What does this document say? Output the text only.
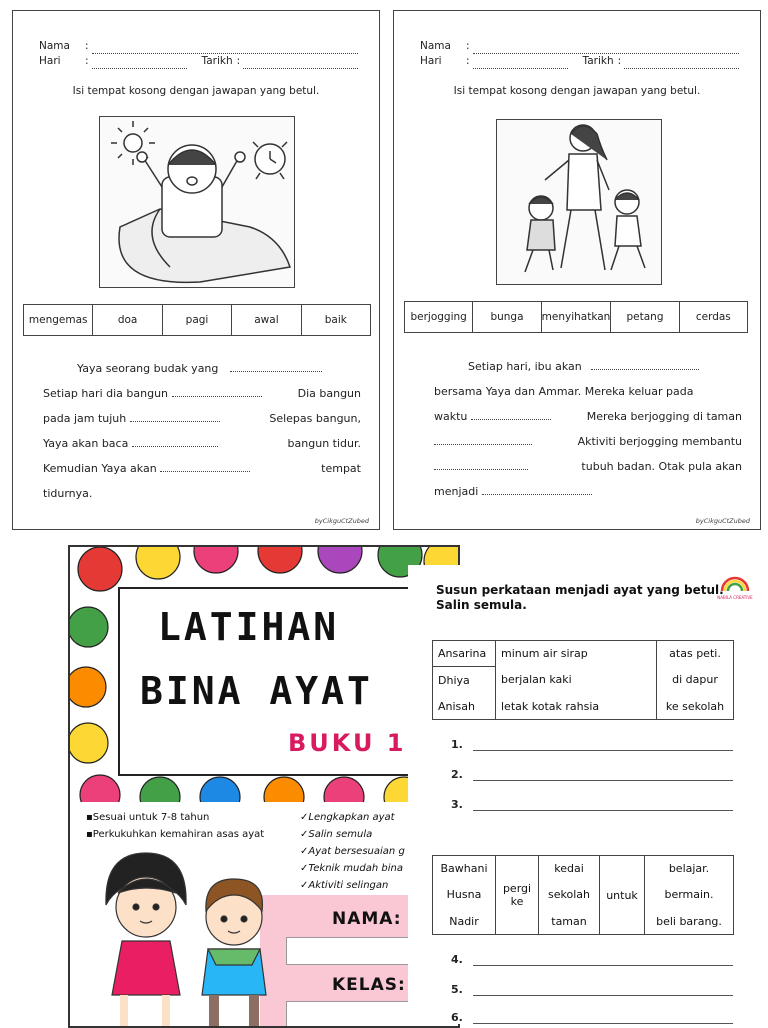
Nama	:
Hari	:	Tarikh :
Isi tempat kosong dengan jawapan yang betul.
mengemas	doa	pagi	awal	baik
Yaya seorang budak yang
Setiap hari dia bangun	Dia bangun
pada jam tujuh	Selepas bangun,
Yaya akan baca	bangun tidur.
Kemudian Yaya akan	tempat
tidurnya.
byCikguCtZubed
Nama	:
Hari	:	Tarikh :
Isi tempat kosong dengan jawapan yang betul.
berjogging	bunga	menyihatkan	petang	cerdas
Setiap hari, ibu akan
bersama Yaya dan Ammar. Mereka keluar pada
waktu	Mereka berjogging di taman
Aktiviti berjogging membantu
tubuh badan. Otak pula akan
menjadi
byCikguCtZubed
LATIHAN
BINA AYAT
BUKU 1
▪Sesuai untuk 7-8 tahun
▪Perkukuhkan kemahiran asas ayat
✓Lengkapkan ayat
✓Salin semula
✓Ayat bersesuaian g
✓Teknik mudah bina
✓Aktiviti selingan
NAMA:
KELAS:
Susun perkataan menjadi ayat yang betul.
Salin semula.
NABILA CREATIVE
Ansarina	minum air sirap	atas peti.
Dhiya	berjalan kaki	di dapur
Anisah	letak kotak rahsia	ke sekolah
1.
2.
3.
Bawhani	pergi ke	kedai	untuk	belajar.
Husna		sekolah		bermain.
Nadir		taman		beli barang.
4.
5.
6.
